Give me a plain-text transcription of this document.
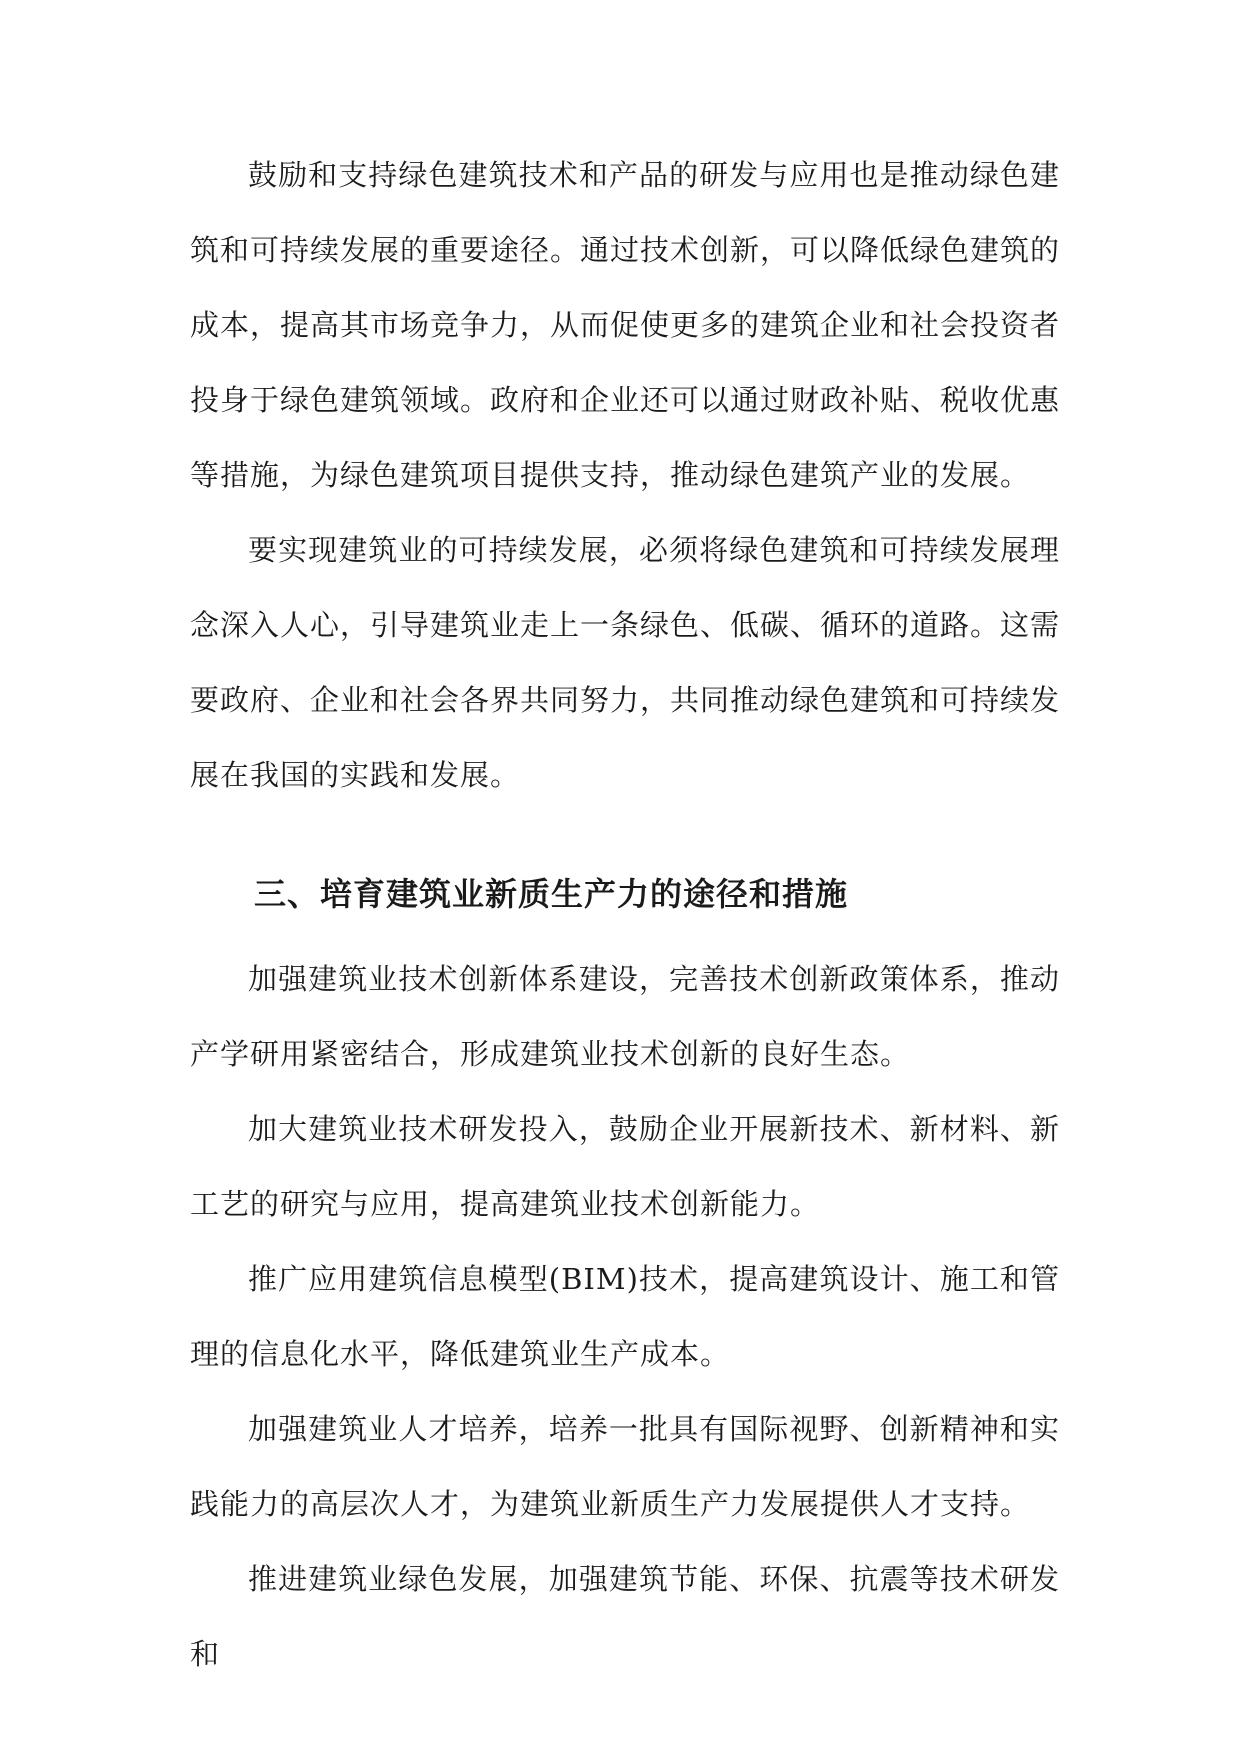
鼓励和支持绿色建筑技术和产品的研发与应用也是推动绿色建筑和可持续发展的重要途径。通过技术创新，可以降低绿色建筑的成本，提高其市场竞争力，从而促使更多的建筑企业和社会投资者投身于绿色建筑领域。政府和企业还可以通过财政补贴、税收优惠等措施，为绿色建筑项目提供支持，推动绿色建筑产业的发展。

要实现建筑业的可持续发展，必须将绿色建筑和可持续发展理念深入人心，引导建筑业走上一条绿色、低碳、循环的道路。这需要政府、企业和社会各界共同努力，共同推动绿色建筑和可持续发展在我国的实践和发展。

三、培育建筑业新质生产力的途径和措施

加强建筑业技术创新体系建设，完善技术创新政策体系，推动产学研用紧密结合，形成建筑业技术创新的良好生态。

加大建筑业技术研发投入，鼓励企业开展新技术、新材料、新工艺的研究与应用，提高建筑业技术创新能力。

推广应用建筑信息模型(BIM)技术，提高建筑设计、施工和管理的信息化水平，降低建筑业生产成本。

加强建筑业人才培养，培养一批具有国际视野、创新精神和实践能力的高层次人才，为建筑业新质生产力发展提供人才支持。

推进建筑业绿色发展，加强建筑节能、环保、抗震等技术研发和
